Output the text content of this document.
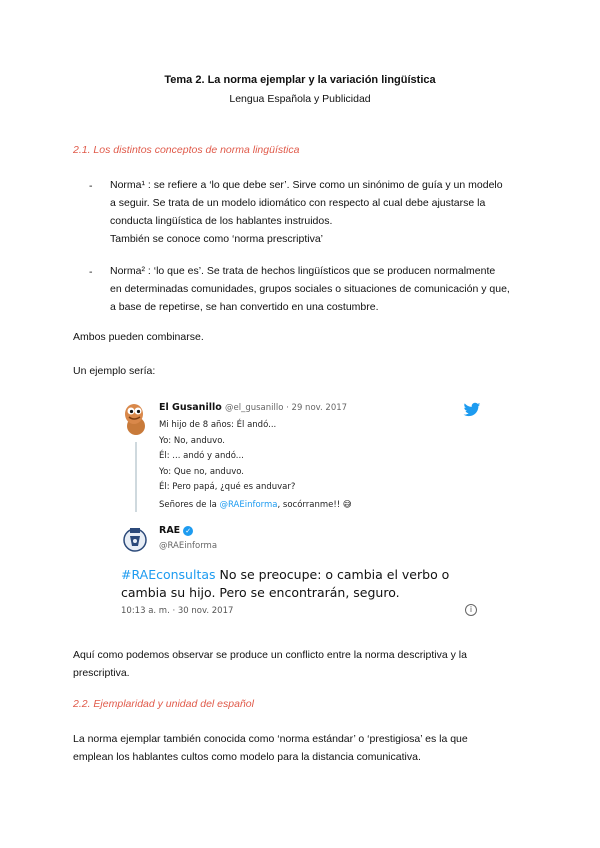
Tema 2. La norma ejemplar y la variación lingüística
Lengua Española y Publicidad
2.1. Los distintos conceptos de norma lingüística
- Norma¹ : se refiere a ‘lo que debe ser’. Sirve como un sinónimo de guía y un modelo
a seguir. Se trata de un modelo idiomático con respecto al cual debe ajustarse la
conducta lingüística de los hablantes instruidos.
También se conoce como ‘norma prescriptiva’
- Norma² : ‘lo que es’. Se trata de hechos lingüísticos que se producen normalmente
en determinadas comunidades, grupos sociales o situaciones de comunicación y que,
a base de repetirse, se han convertido en una costumbre.
Ambos pueden combinarse.
Un ejemplo sería:
El Gusanillo @el_gusanillo · 29 nov. 2017
Mi hijo de 8 años: Él andó...
Yo: No, anduvo.
Él: ... andó y andó...
Yo: Que no, anduvo.
Él: Pero papá, ¿qué es anduvar?
Señores de la @RAEinforma, socórranme!! 😅
RAE ✓
@RAEinforma
#RAEconsultas No se preocupe: o cambia el verbo o
cambia su hijo. Pero se encontrarán, seguro.
10:13 a. m. · 30 nov. 2017	i
Aquí como podemos observar se produce un conflicto entre la norma descriptiva y la
prescriptiva.
2.2. Ejemplaridad y unidad del español
La norma ejemplar también conocida como ‘norma estándar’ o ‘prestigiosa’ es la que
emplean los hablantes cultos como modelo para la distancia comunicativa.
